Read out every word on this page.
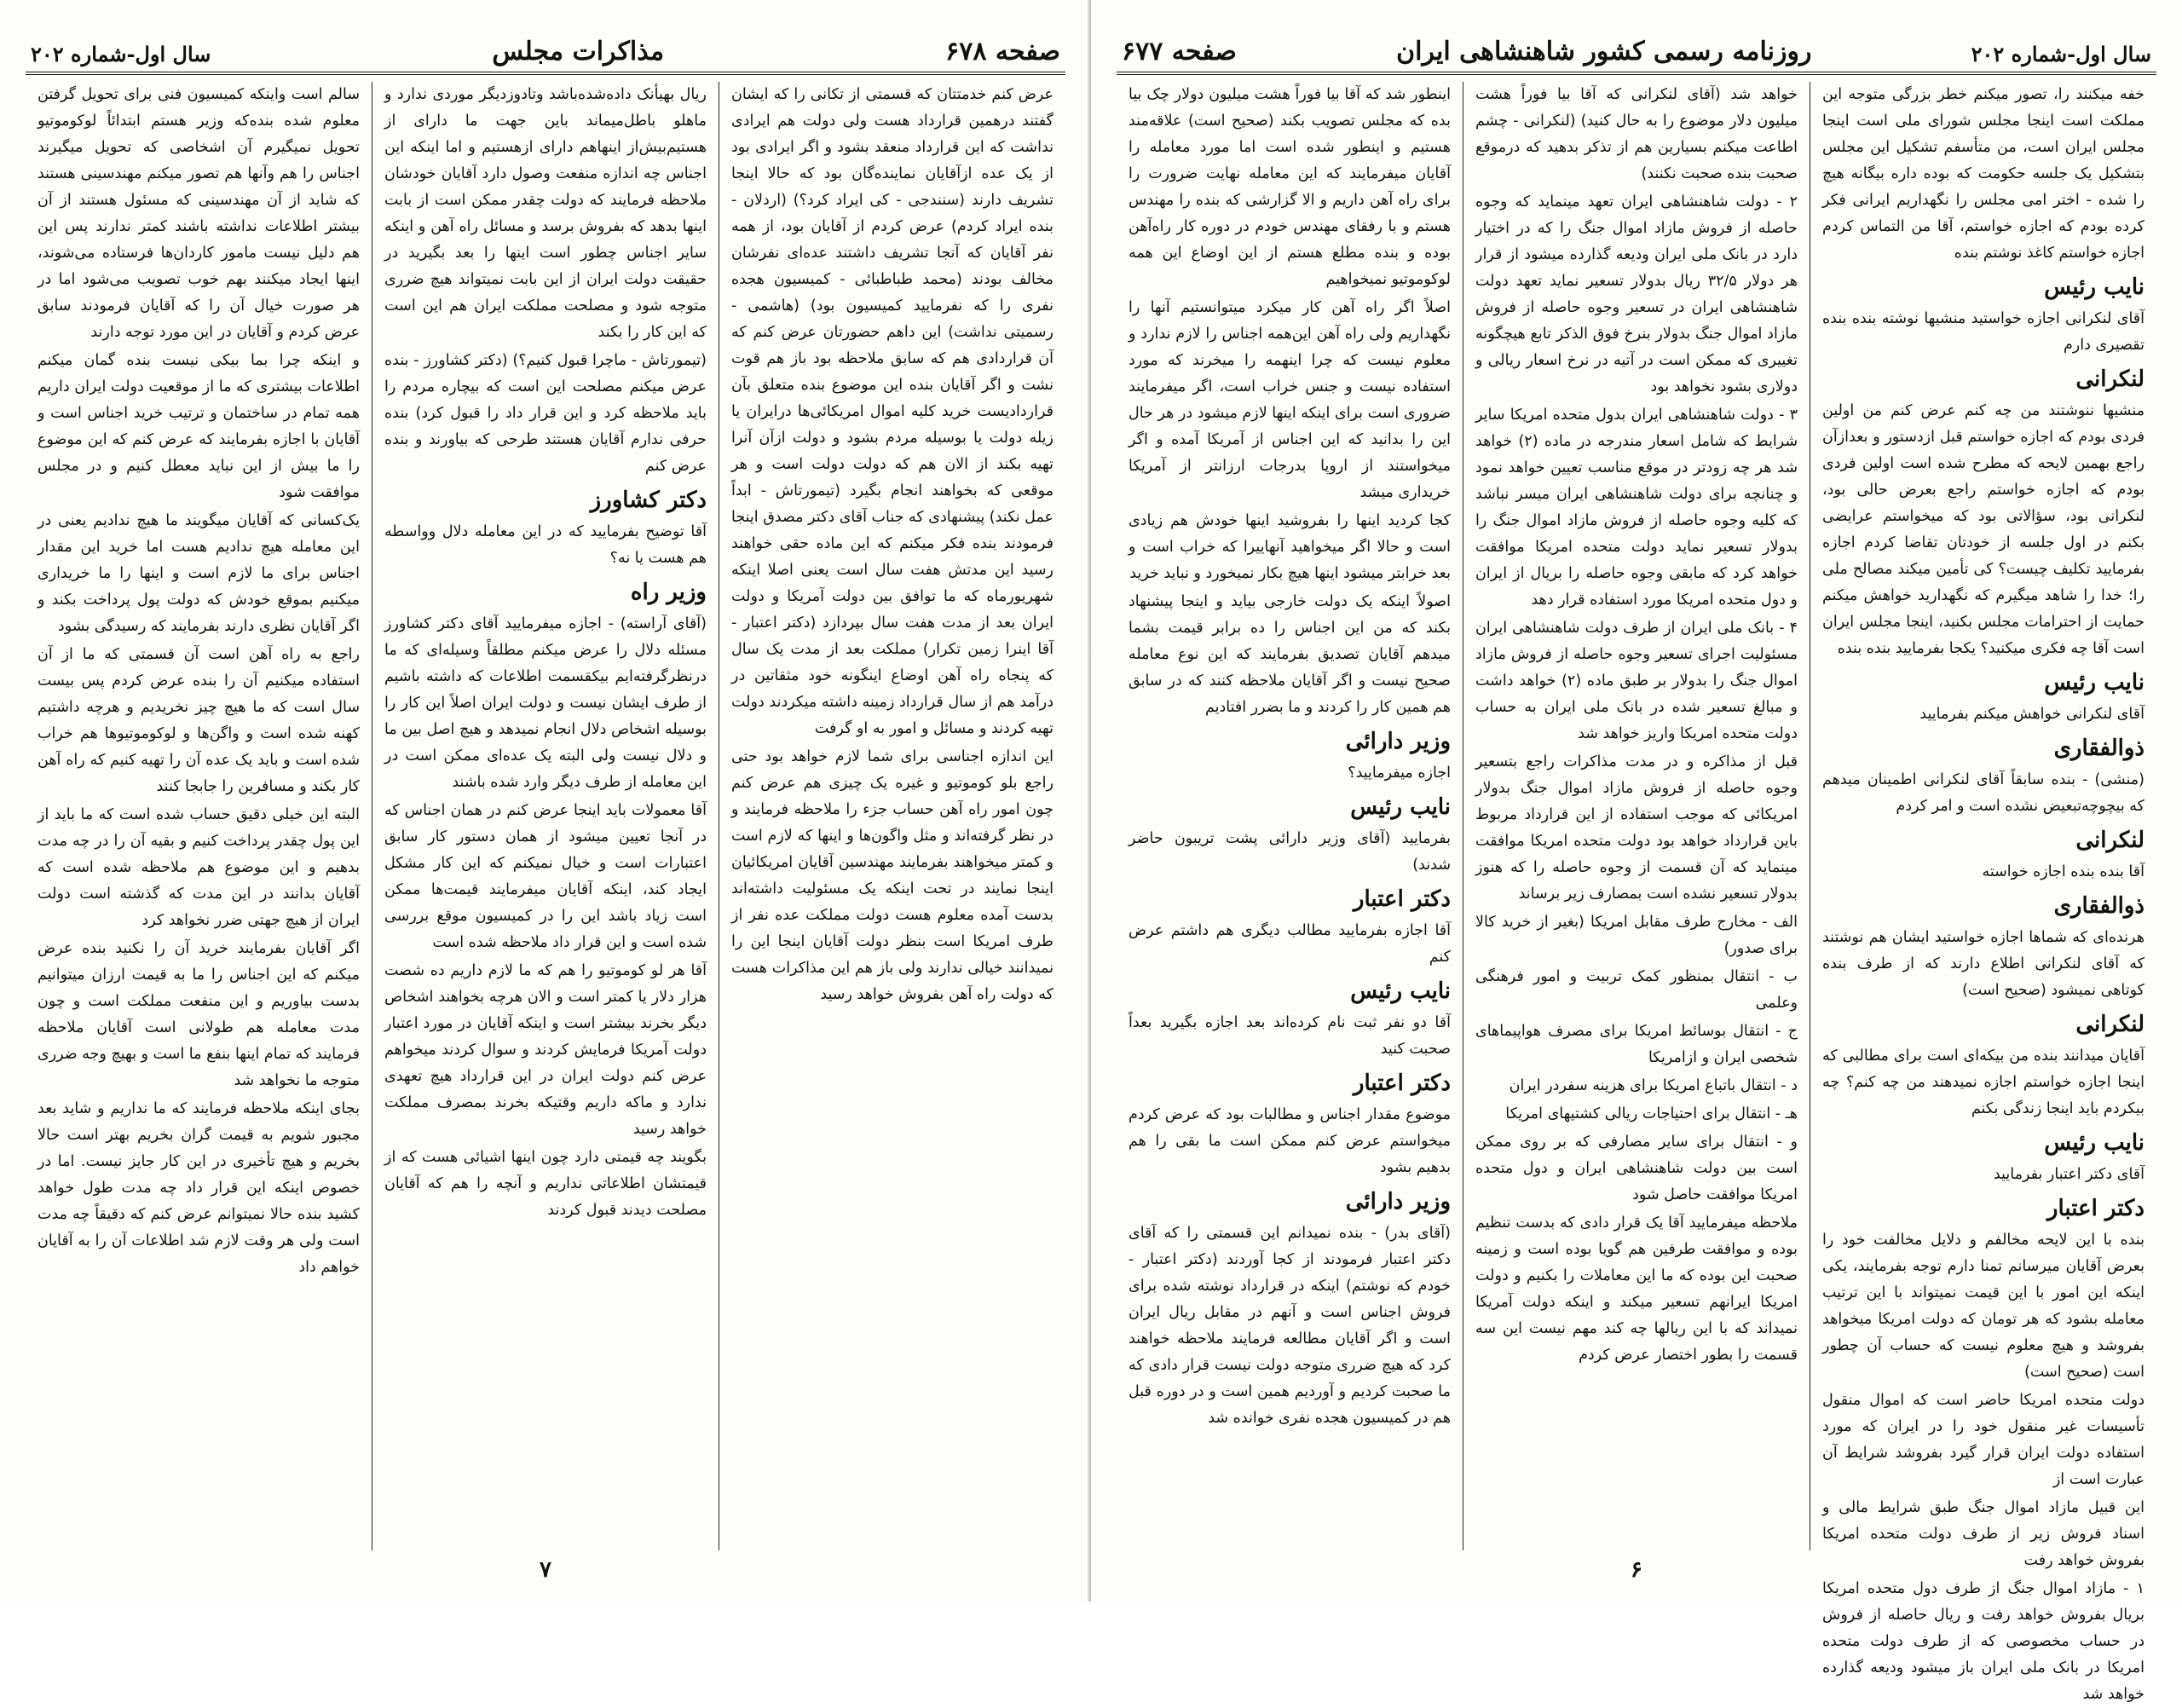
صفحه ۶۷۸
مذاکرات مجلس
سال اول-شماره ۲۰۲

عرض کنم خدمتتان که قسمتی از تکانی را که ایشان گفتند درهمین قرارداد هست ولی دولت هم ایرادی نداشت که این قرارداد منعقد بشود و اگر ایرادی بود از یک عده ازآقایان نماینده‌گان بود که حالا اینجا تشریف دارند (سنندجی - کی ایراد کرد؟) (اردلان - بنده ایراد کردم) عرض کردم از آقایان بود، از همه نفر آقایان که آنجا تشریف داشتند عده‌ای نفرشان مخالف بودند (محمد طباطبائی - کمیسیون هجده نفری را که نفرمایید کمیسیون بود) (هاشمی - رسمیتی نداشت) این داهم حضورتان عرض کنم که آن قراردادی هم که سابق ملاحظه بود باز هم قوت نشت و اگر آقایان بنده این موضوع بنده متعلق بآن قراردادیست خرید کلیه اموال امریکائی‌ها درایران یا زیله دولت یا بوسیله مردم بشود و دولت ازآن آنرا تهیه بکند از الان هم که دولت دولت است و هر موقعی که بخواهند انجام بگیرد (تیمورتاش - ابداً عمل نکند) پیشنهادی که جناب آقای دکتر مصدق اینجا فرمودند بنده فکر میکنم که این ماده حقی خواهند رسید این مدتش هفت سال است یعنی اصلا اینکه شهریورماه که ما توافق بین دولت آمریکا و دولت ایران بعد از مدت هفت سال بپردازد (دکتر اعتبار - آقا اینرا زمین تکرار) مملکت بعد از مدت یک سال که پنجاه راه آهن اوضاع اینگونه خود مثقاتین در درآمد هم از سال قرارداد زمینه داشته میکردند دولت تهیه کردند و مسائل و امور به او گرفت

این اندازه اجناسی برای شما لازم خواهد بود حتی راجع بلو کوموتیو و غیره یک چیزی هم عرض کنم چون امور راه آهن حساب جزء را ملاحظه فرمایند و در نظر گرفته‌اند و مثل واگون‌ها و اینها که لازم است و کمتر میخواهند بفرمایند مهندسین آقایان امریکائیان اینجا نمایند در تحت اینکه یک مسئولیت داشته‌اند بدست آمده معلوم هست دولت مملکت عده نفر از طرف امریکا است بنظر دولت آقایان اینجا این را نمیدانند خیالی ندارند ولی باز هم این مذاکرات هست که دولت راه آهن بفروش خواهد رسید

ریال بهیأنک داده‌شده‌باشد وتادوزدیگر موردی ندارد و ماهلو باطل‌میماند باین جهت ما دارای از هستیم‌بیش‌از اینهاهم دارای ازهستیم و اما اینکه این اجناس چه اندازه منفعت وصول دارد آقایان خودشان ملاحظه فرمایند که دولت چقدر ممکن است از بابت اینها بدهد که بفروش برسد و مسائل راه آهن و اینکه سایر اجناس چطور است اینها را بعد بگیرید در حقیقت دولت ایران از این بابت نمیتواند هیچ ضرری متوجه شود و مصلحت مملکت ایران هم این است که این کار را بکند

(تیمورتاش - ماچرا قبول کنیم؟) (دکتر کشاورز - بنده عرض میکنم مصلحت این است که بیچاره مردم را باید ملاحظه کرد و این قرار داد را قبول کرد) بنده حرفی ندارم آقایان هستند طرحی که بیاورند و بنده عرض کنم

دکتر کشاورز

آقا توضیح بفرمایید که در این معامله دلال وواسطه هم هست یا نه؟

وزیر راه

(آقای آراسته) - اجازه میفرمایید آقای دکتر کشاورز مسئله دلال را عرض میکنم مطلقاً وسیله‌ای که ما درنظرگرفته‌ایم بیکقسمت اطلاعات که داشته باشیم از طرف ایشان نیست و دولت ایران اصلاً این کار را بوسیله اشخاص دلال انجام نمیدهد و هیچ اصل بین ما و دلال نیست ولی البته یک عده‌ای ممکن است در این معامله از طرف دیگر وارد شده باشند

آقا معمولات باید اینجا عرض کنم در همان اجناس که در آنجا تعیین میشود از همان دستور کار سابق اعتبارات است و خیال نمیکنم که این کار مشکل ایجاد کند، اینکه آقایان میفرمایند قیمت‌ها ممکن است زیاد باشد این را در کمیسیون موقع بررسی شده است و این قرار داد ملاحظه شده است

آقا هر لو کوموتیو را هم که ما لازم داریم ده شصت هزار دلار یا کمتر است و الان هرچه بخواهند اشخاص دیگر بخرند بیشتر است و اینکه آقایان در مورد اعتبار دولت آمریکا فرمایش کردند و سوال کردند میخواهم عرض کنم دولت ایران در این قرارداد هیچ تعهدی ندارد و ماکه داریم وقتیکه بخرند بمصرف مملکت خواهد رسید

بگویند چه قیمتی دارد چون اینها اشیائی هست که از قیمتشان اطلاعاتی نداریم و آنچه را هم که آقایان مصلحت دیدند قبول کردند

سالم است واینکه کمیسیون فنی برای تحویل گرفتن معلوم شده بنده‌که وزیر هستم ابتدائاً لوکوموتیو تحویل نمیگیرم آن اشخاصی که تحویل میگیرند اجناس را هم وآنها هم تصور میکنم مهندسینی هستند که شاید از آن مهندسینی که مسئول هستند از آن بیشتر اطلاعات نداشته باشند کمتر ندارند پس این هم دلیل نیست مامور کاردان‌ها فرستاده می‌شوند، اینها ایجاد میکنند بهم خوب تصویب می‌شود اما در هر صورت خیال آن را که آقایان فرمودند سابق عرض کردم و آقایان در این مورد توجه دارند

و اینکه چرا بما بیکی نیست بنده گمان میکنم اطلاعات بیشتری که ما از موقعیت دولت ایران داریم همه تمام در ساختمان و ترتیب خرید اجناس است و آقایان با اجازه بفرمایند که عرض کنم که این موضوع را ما بیش از این نباید معطل کنیم و در مجلس موافقت شود

یک‌کسانی که آقایان میگویند ما هیچ ندادیم یعنی در این معامله هیچ ندادیم هست اما خرید این مقدار اجناس برای ما لازم است و اینها را ما خریداری میکنیم بموقع خودش که دولت پول پرداخت بکند و اگر آقایان نظری دارند بفرمایند که رسیدگی بشود

راجع به راه آهن است آن قسمتی که ما از آن استفاده میکنیم آن را بنده عرض کردم پس بیست سال است که ما هیچ چیز نخریدیم و هرچه داشتیم کهنه شده است و واگن‌ها و لوکوموتیوها هم خراب شده است و باید یک عده آن را تهیه کنیم که راه آهن کار بکند و مسافرین را جابجا کنند

البته این خیلی دقیق حساب شده است که ما باید از این پول چقدر پرداخت کنیم و بقیه آن را در چه مدت بدهیم و این موضوع هم ملاحظه شده است که آقایان بدانند در این مدت که گذشته است دولت ایران از هیچ جهتی ضرر نخواهد کرد

اگر آقایان بفرمایند خرید آن را نکنید بنده عرض میکنم که این اجناس را ما به قیمت ارزان میتوانیم بدست بیاوریم و این منفعت مملکت است و چون مدت معامله هم طولانی است آقایان ملاحظه فرمایند که تمام اینها بنفع ما است و بهیچ وجه ضرری متوجه ما نخواهد شد

بجای اینکه ملاحظه فرمایند که ما نداریم و شاید بعد مجبور شویم به قیمت گران بخریم بهتر است حالا بخریم و هیچ تأخیری در این کار جایز نیست. اما در خصوص اینکه این قرار داد چه مدت طول خواهد کشید بنده حالا نمیتوانم عرض کنم که دقیقاً چه مدت است ولی هر وقت لازم شد اطلاعات آن را به آقایان خواهم داد

۷
سال اول-شماره ۲۰۲
روزنامه رسمی کشور شاهنشاهی ایران
صفحه ۶۷۷

خفه میکنند را، تصور میکنم خطر بزرگی متوجه این مملکت است اینجا مجلس شورای ملی است اینجا مجلس ایران است، من متأسفم تشکیل این مجلس بتشکیل یک جلسه حکومت که بوده داره بیگانه هیچ را شده - اختر امی مجلس را نگهداریم ایرانی فکر کرده بودم که اجازه خواستم، آقا من التماس کردم اجازه خواستم کاغذ نوشتم بنده

نایب رئیس

آقای لنکرانی اجازه خواستید منشیها نوشته بنده بنده تقصیری دارم

لنکرانی

منشیها ننوشتند من چه کنم عرض کنم من اولین فردی بودم که اجازه خواستم قبل ازدستور و بعدازآن راجع بهمین لایحه که مطرح شده است اولین فردی بودم که اجازه خواستم راجع بعرض حالی بود، لنکرانی بود، سؤالاتی بود که میخواستم عرایضی بکنم در اول جلسه از خودتان تقاضا کردم اجازه بفرمایید تکلیف چیست؟ کی تأمین میکند مصالح ملی را؛ خدا را شاهد میگیرم که نگهدارید خواهش میکنم حمایت از احترامات مجلس بکنید، اینجا مجلس ایران است آقا چه فکری میکنید؟ یکجا بفرمایید بنده بنده

نایب رئیس

آقای لنکرانی خواهش میکنم بفرمایید

ذوالفقاری

(منشی) - بنده سابقاً آقای لنکرانی اطمینان میدهم که بیچوچه‌تبعیض نشده است و امر کردم

لنکرانی

آقا بنده بنده اجازه خواسته

ذوالفقاری

هرنده‌ای که شماها اجازه خواستید ایشان هم نوشتند که آقای لنکرانی اطلاع دارند که از طرف بنده کوتاهی نمیشود (صحیح است)

لنکرانی

آقایان میدانند بنده من بیکه‌ای است برای مطالبی که اینجا اجازه خواستم اجازه نمیدهند من چه کنم؟ چه بیکردم باید اینجا زندگی بکنم

نایب رئیس

آقای دکتر اعتبار بفرمایید

دکتر اعتبار

بنده با این لایحه مخالفم و دلایل مخالفت خود را بعرض آقایان میرسانم تمنا دارم توجه بفرمایند، یکی اینکه این امور با این قیمت نمیتواند با این ترتیب معامله بشود که هر تومان که دولت امریکا میخواهد بفروشد و هیچ معلوم نیست که حساب آن چطور است (صحیح است)

دولت متحده امریکا حاضر است که اموال منقول تأسیسات غیر منقول خود را در ایران که مورد استفاده دولت ایران قرار گیرد بفروشد شرایط آن عبارت است از

این قبیل مازاد اموال جنگ طبق شرایط مالی و اسناد فروش زیر از طرف دولت متحده امریکا بفروش خواهد رفت

۱ - مازاد اموال جنگ از طرف دول متحده امریکا بریال بفروش خواهد رفت و ریال حاصله از فروش در حساب مخصوصی که از طرف دولت متحده امریکا در بانک ملی ایران باز میشود ودیعه گذارده خواهد شد

خواهد شد (آقای لنکرانی که آقا بیا فوراً هشت میلیون دلار موضوع را به حال کنید) (لنکرانی - چشم اطاعت میکنم بسیارین هم از تذکر بدهید که درموقع صحبت بنده صحبت نکنند)

۲ - دولت شاهنشاهی ایران تعهد مینماید که وجوه حاصله از فروش مازاد اموال جنگ را که در اختیار دارد در بانک ملی ایران ودیعه گذارده میشود از قرار هر دولار ۳۲/۵ ریال بدولار تسعیر نماید تعهد دولت شاهنشاهی ایران در تسعیر وجوه حاصله از فروش مازاد اموال جنگ بدولار بنرخ فوق الذکر تابع هیچگونه تغییری که ممکن است در آتیه در نرخ اسعار ریالی و دولاری بشود نخواهد بود

۳ - دولت شاهنشاهی ایران بدول متحده امریکا سایر شرایط که شامل اسعار مندرجه در ماده (۲) خواهد شد هر چه زودتر در موقع مناسب تعیین خواهد نمود و چنانچه برای دولت شاهنشاهی ایران میسر نباشد که کلیه وجوه حاصله از فروش مازاد اموال جنگ را بدولار تسعیر نماید دولت متحده امریکا موافقت خواهد کرد که مابقی وجوه حاصله را بریال از ایران و دول متحده امریکا مورد استفاده قرار دهد

۴ - بانک ملی ایران از طرف دولت شاهنشاهی ایران مسئولیت اجرای تسعیر وجوه حاصله از فروش مازاد اموال جنگ را بدولار بر طبق ماده (۲) خواهد داشت و مبالغ تسعیر شده در بانک ملی ایران به حساب دولت متحده امریکا واریز خواهد شد

قبل از مذاکره و در مدت مذاکرات راجع بتسعیر وجوه حاصله از فروش مازاد اموال جنگ بدولار امریکائی که موجب استفاده از این قرارداد مربوط باین قرارداد خواهد بود دولت متحده امریکا موافقت مینماید که آن قسمت از وجوه حاصله را که هنوز بدولار تسعیر نشده است بمصارف زیر برساند

الف - مخارج طرف مقابل امریکا (بغیر از خرید کالا برای صدور)

ب - انتقال بمنظور کمک تربیت و امور فرهنگی وعلمی

ج - انتقال بوسائط امریکا برای مصرف هواپیماهای شخصی ایران و ازامریکا

د - انتقال باتباع امریکا برای هزینه سفردر ایران

هـ - انتقال برای احتیاجات ریالی کشتیهای امریکا

و - انتقال برای سایر مصارفی که بر روی ممکن است بین دولت شاهنشاهی ایران و دول متحده امریکا موافقت حاصل شود

ملاحظه میفرمایید آقا یک قرار دادی که بدست تنظیم بوده و موافقت طرفین هم گویا بوده است و زمینه صحبت این بوده که ما این معاملات را بکنیم و دولت امریکا ایرانهم تسعیر میکند و اینکه دولت آمریکا نمیداند که با این ریالها چه کند مهم نیست این سه قسمت را بطور اختصار عرض کردم

اینطور شد که آقا بیا فوراً هشت میلیون دولار چک بیا بده که مجلس تصویب بکند (صحیح است) علاقه‌مند هستیم و اینطور شده است اما مورد معامله را آقایان میفرمایند که این معامله نهایت ضرورت را برای راه آهن داریم و الا گزارشی که بنده را مهندس هستم و با رفقای مهندس خودم در دوره کار راه‌آهن بوده و بنده مطلع هستم از این اوضاع این همه لوکوموتیو نمیخواهیم

اصلاً اگر راه آهن کار میکرد میتوانستیم آنها را نگهداریم ولی راه آهن این‌همه اجناس را لازم ندارد و معلوم نیست که چرا اینهمه را میخرند که مورد استفاده نیست و جنس خراب است، اگر میفرمایند ضروری است برای اینکه اینها لازم میشود در هر حال این را بدانید که این اجناس از آمریکا آمده و اگر میخواستند از اروپا بدرجات ارزانتر از آمریکا خریداری میشد

کجا کردید اینها را بفروشید اینها خودش هم زیادی است و حالا اگر میخواهید آنهاییرا که خراب است و بعد خرابتر میشود اینها هیچ بکار نمیخورد و نباید خرید

اصولاً اینکه یک دولت خارجی بیاید و اینجا پیشنهاد بکند که من این اجناس را ده برابر قیمت بشما میدهم آقایان تصدیق بفرمایند که این نوع معامله صحیح نیست و اگر آقایان ملاحظه کنند که در سابق هم همین کار را کردند و ما بضرر افتادیم

وزیر دارائی

اجازه میفرمایید؟

نایب رئیس

بفرمایید (آقای وزیر دارائی پشت تریبون حاضر شدند)

دکتر اعتبار

آقا اجازه بفرمایید مطالب دیگری هم داشتم عرض کنم

نایب رئیس

آقا دو نفر ثبت نام کرده‌اند بعد اجازه بگیرید بعداً صحبت کنید

دکتر اعتبار

موضوع مقدار اجناس و مطالبات بود که عرض کردم میخواستم عرض کنم ممکن است ما بقی را هم بدهیم بشود

وزیر دارائی

(آقای بدر) - بنده نمیدانم این قسمتی را که آقای دکتر اعتبار فرمودند از کجا آوردند (دکتر اعتبار - خودم که نوشتم) اینکه در قرارداد نوشته شده برای فروش اجناس است و آنهم در مقابل ریال ایران است و اگر آقایان مطالعه فرمایند ملاحظه خواهند کرد که هیچ ضرری متوجه دولت نیست قرار دادی که ما صحبت کردیم و آوردیم همین است و در دوره قبل هم در کمیسیون هجده نفری خوانده شد

۶
